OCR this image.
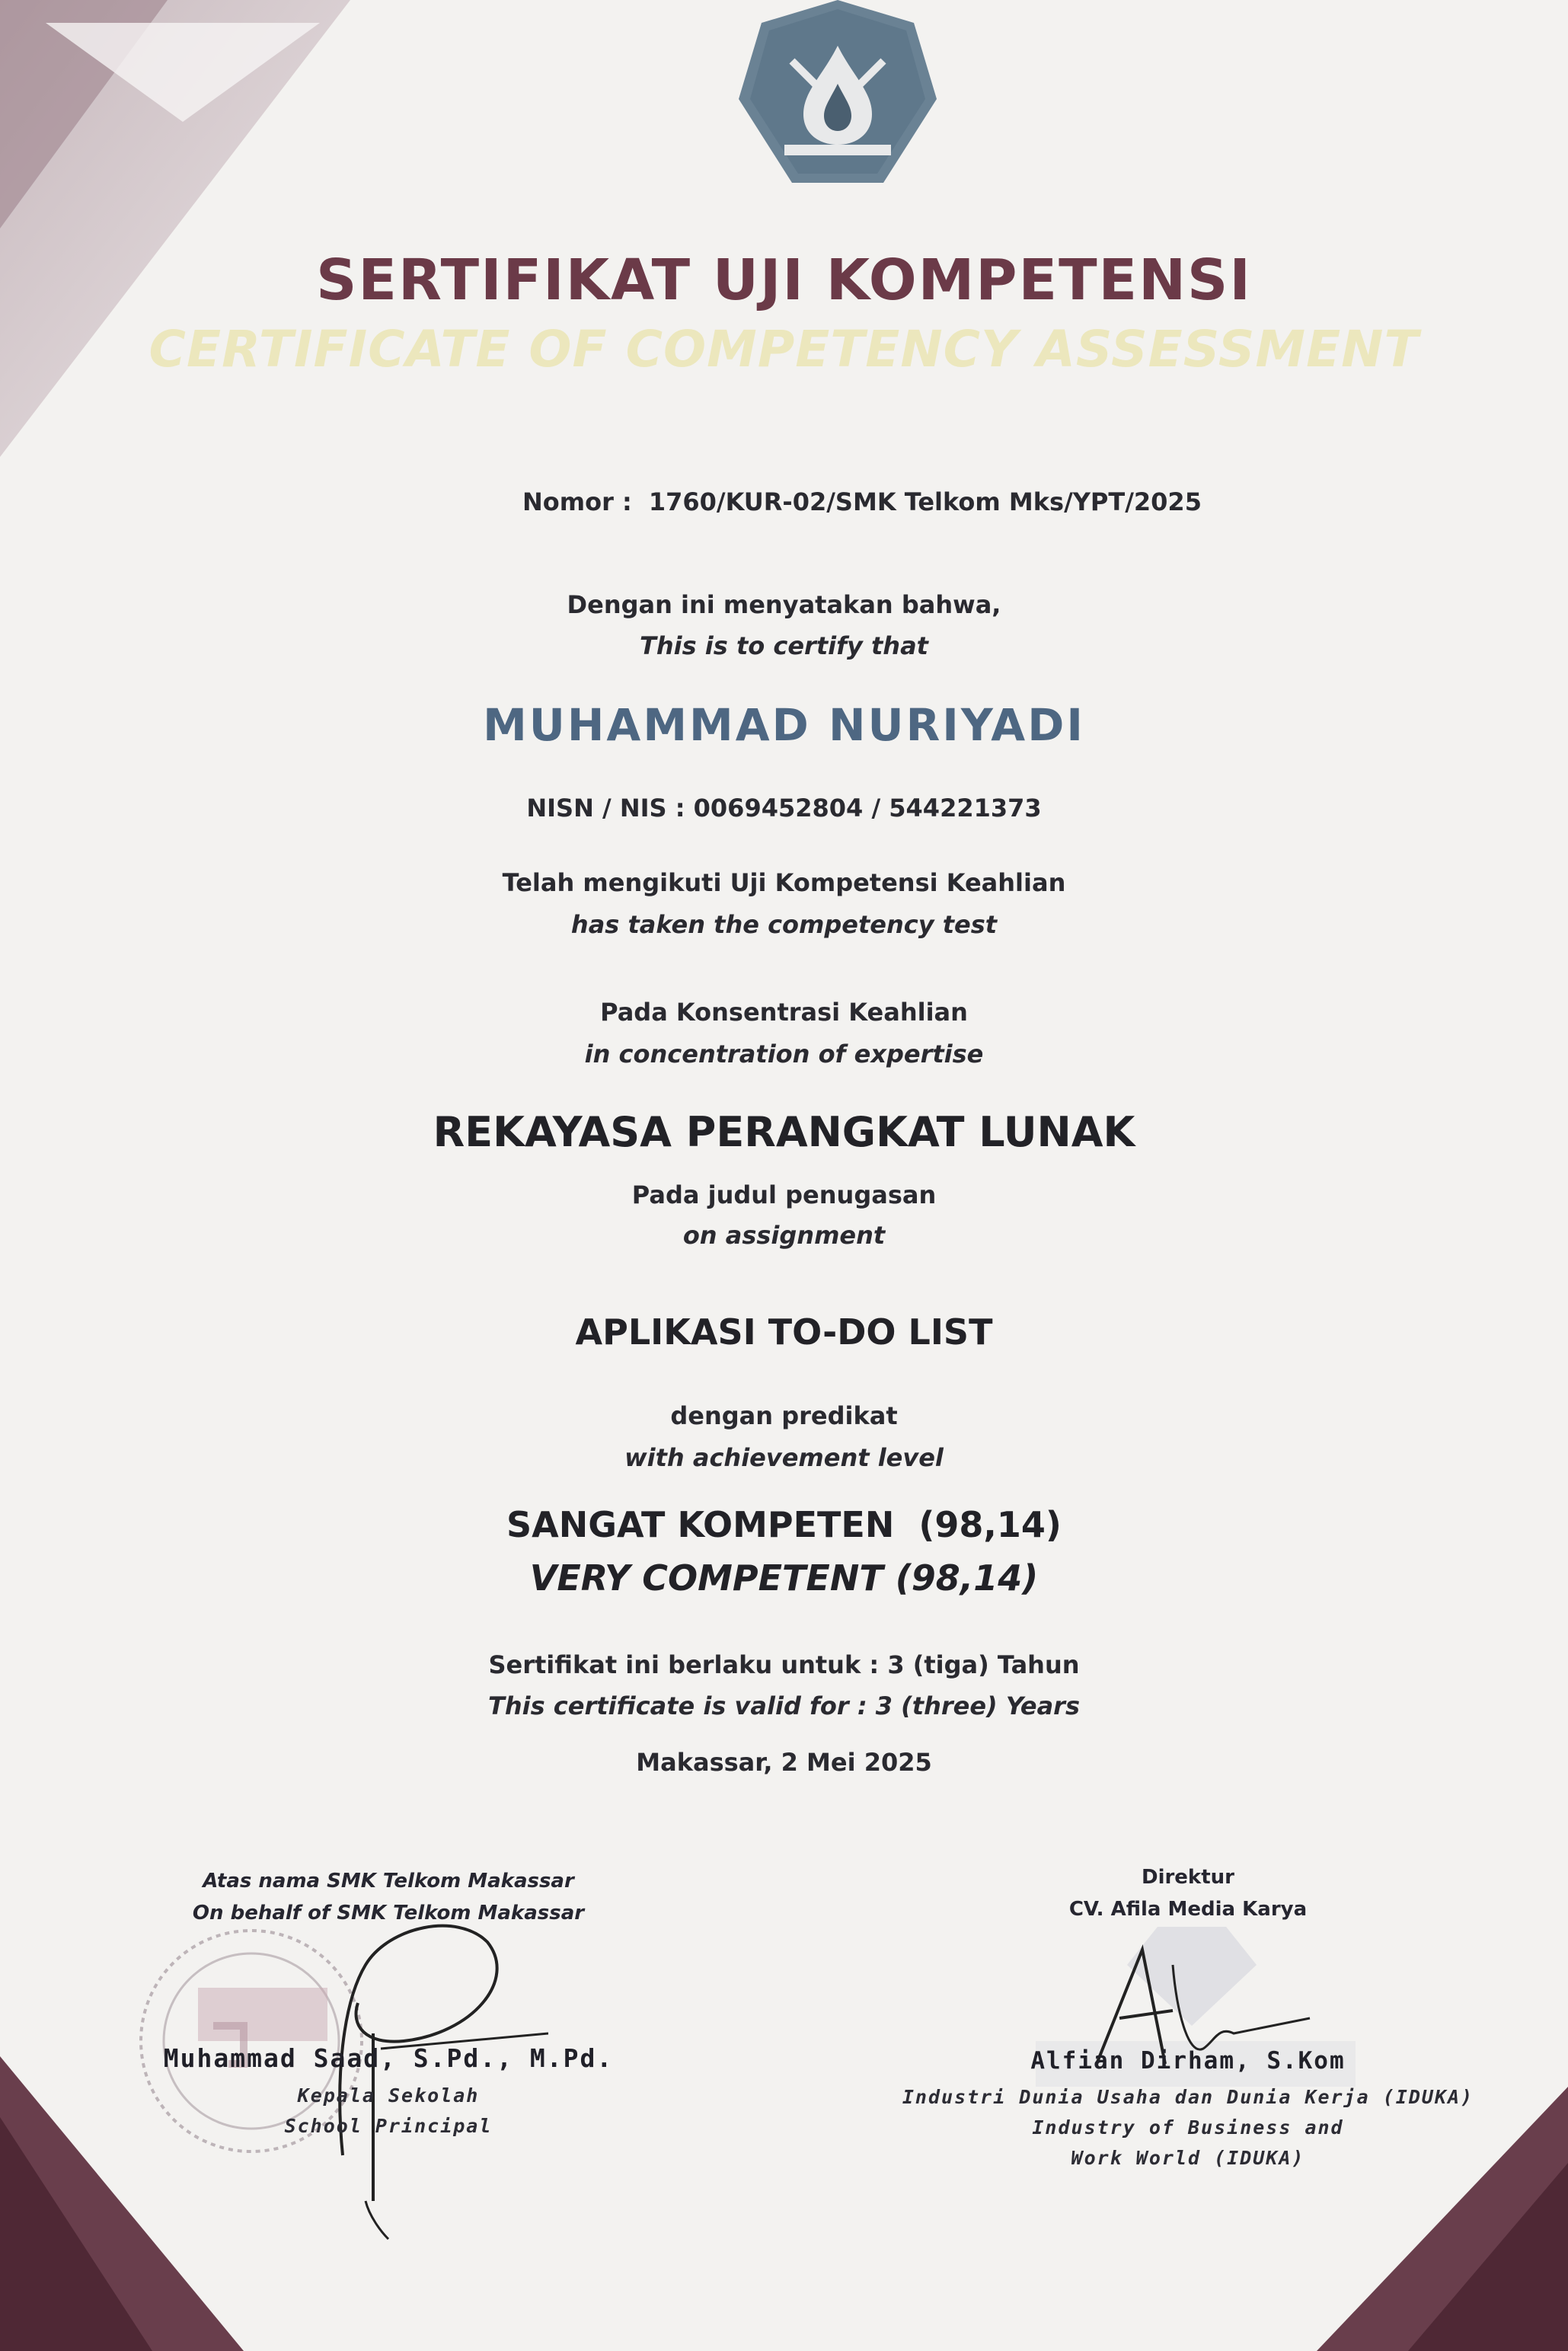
SERTIFIKAT UJI KOMPETENSI
CERTIFICATE OF COMPETENCY ASSESSMENT
Nomor : 1760/KUR-02/SMK Telkom Mks/YPT/2025
Dengan ini menyatakan bahwa,
This is to certify that
MUHAMMAD NURIYADI
NISN / NIS : 0069452804 / 544221373
Telah mengikuti Uji Kompetensi Keahlian
has taken the competency test
Pada Konsentrasi Keahlian
in concentration of expertise
REKAYASA PERANGKAT LUNAK
Pada judul penugasan
on assignment
APLIKASI TO-DO LIST
dengan predikat
with achievement level
SANGAT KOMPETEN  (98,14)
VERY COMPETENT (98,14)
Sertifikat ini berlaku untuk : 3 (tiga) Tahun
This certificate is valid for : 3 (three) Years
Makassar, 2 Mei 2025
Atas nama SMK Telkom Makassar
On behalf of SMK Telkom Makassar
Muhammad Saad, S.Pd., M.Pd.
Kepala Sekolah
School Principal
Direktur
CV. Afila Media Karya
Alfian Dirham, S.Kom
Industri Dunia Usaha dan Dunia Kerja (IDUKA)
Industry of Business and
Work World (IDUKA)
